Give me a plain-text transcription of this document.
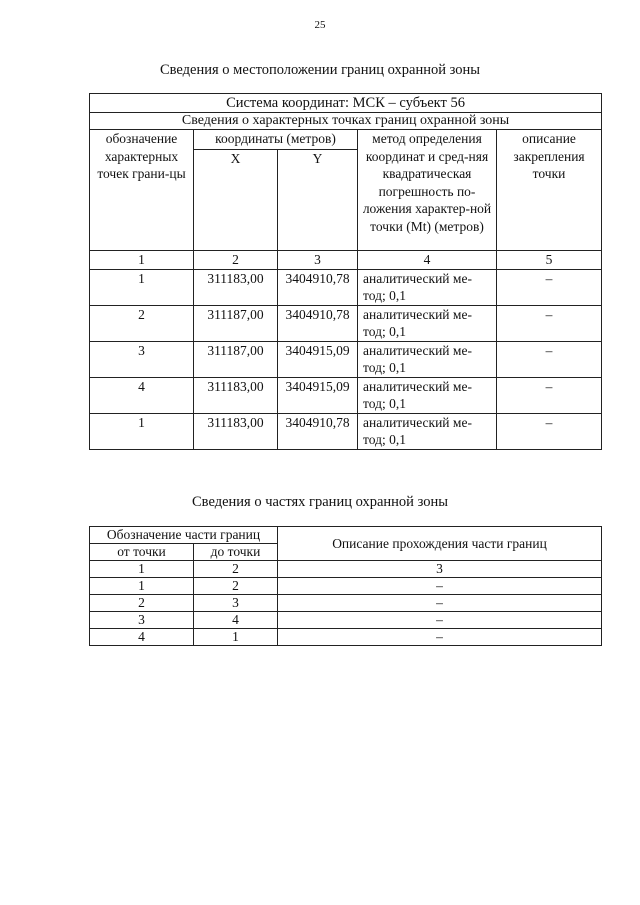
25
Сведения о местоположении границ охранной зоны
Система координат: МСК – субъект 56				
Сведения о характерных точках границ охранной зоны				
обозначение характерных точек грани-цы	координаты (метров)		метод определения координат и сред-няя квадратическая погрешность по-ложения характер-ной точки (Mt) (метров)	описание закрепления точки
	X	Y		
1	2	3	4	5
1	311183,00	3404910,78	аналитический ме-тод; 0,1	–
2	311187,00	3404910,78	аналитический ме-тод; 0,1	–
3	311187,00	3404915,09	аналитический ме-тод; 0,1	–
4	311183,00	3404915,09	аналитический ме-тод; 0,1	–
1	311183,00	3404910,78	аналитический ме-тод; 0,1	–
Сведения о частях границ охранной зоны
Обозначение части границ		Описание прохождения части границ
от точки	до точки	
1	2	3
1	2	–
2	3	–
3	4	–
4	1	–
